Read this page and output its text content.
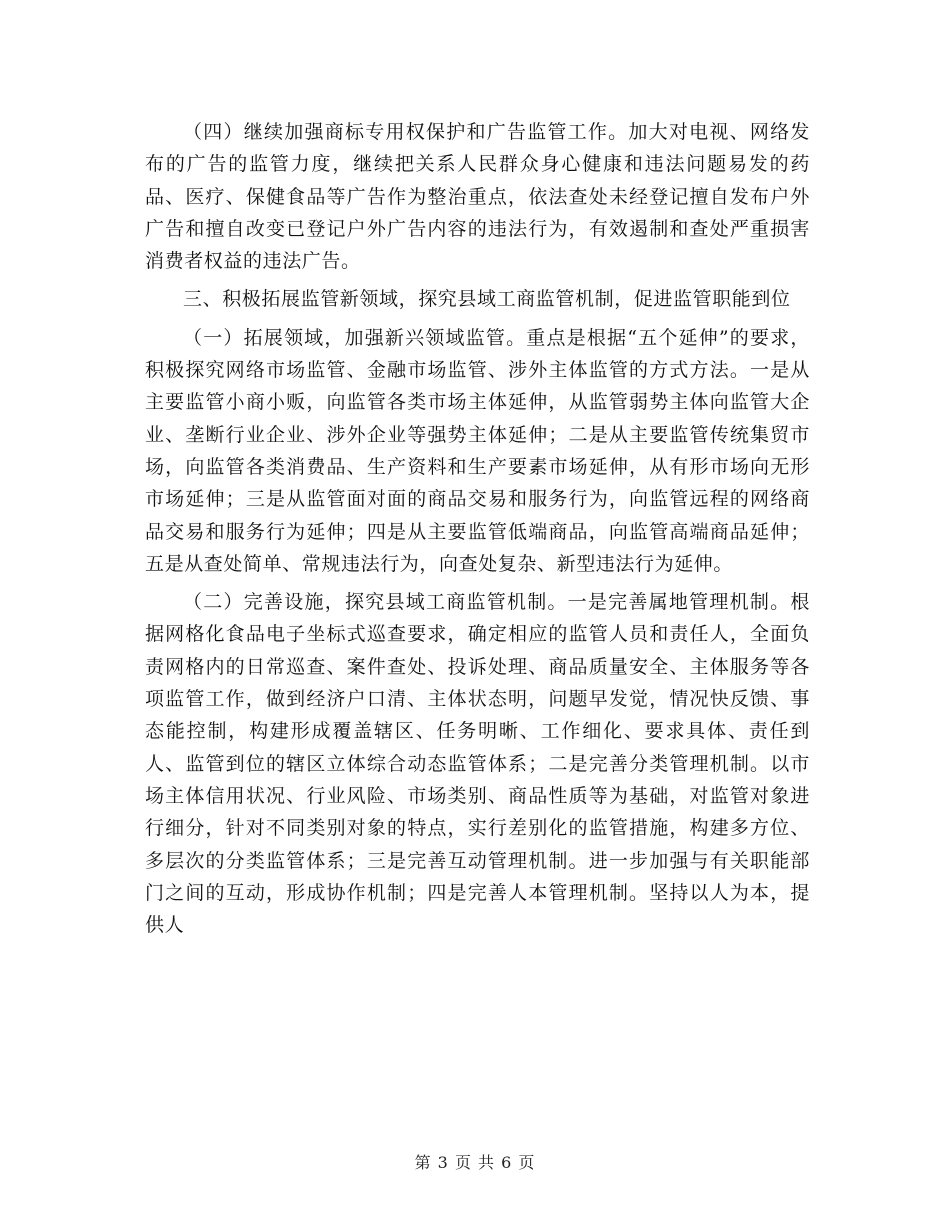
（四）继续加强商标专用权保护和广告监管工作。加大对电视、网络发布的广告的监管力度，继续把关系人民群众身心健康和违法问题易发的药品、医疗、保健食品等广告作为整治重点，依法查处未经登记擅自发布户外广告和擅自改变已登记户外广告内容的违法行为，有效遏制和查处严重损害消费者权益的违法广告。

三、积极拓展监管新领域，探究县域工商监管机制，促进监管职能到位

（一）拓展领域，加强新兴领域监管。重点是根据“五个延伸”的要求，积极探究网络市场监管、金融市场监管、涉外主体监管的方式方法。一是从主要监管小商小贩，向监管各类市场主体延伸，从监管弱势主体向监管大企业、垄断行业企业、涉外企业等强势主体延伸；二是从主要监管传统集贸市场，向监管各类消费品、生产资料和生产要素市场延伸，从有形市场向无形市场延伸；三是从监管面对面的商品交易和服务行为，向监管远程的网络商品交易和服务行为延伸；四是从主要监管低端商品，向监管高端商品延伸；五是从查处简单、常规违法行为，向查处复杂、新型违法行为延伸。

（二）完善设施，探究县域工商监管机制。一是完善属地管理机制。根据网格化食品电子坐标式巡查要求，确定相应的监管人员和责任人，全面负责网格内的日常巡查、案件查处、投诉处理、商品质量安全、主体服务等各项监管工作，做到经济户口清、主体状态明，问题早发觉，情况快反馈、事态能控制，构建形成覆盖辖区、任务明晰、工作细化、要求具体、责任到人、监管到位的辖区立体综合动态监管体系；二是完善分类管理机制。以市场主体信用状况、行业风险、市场类别、商品性质等为基础，对监管对象进行细分，针对不同类别对象的特点，实行差别化的监管措施，构建多方位、多层次的分类监管体系；三是完善互动管理机制。进一步加强与有关职能部门之间的互动，形成协作机制；四是完善人本管理机制。坚持以人为本，提供人

第 3 页 共 6 页
